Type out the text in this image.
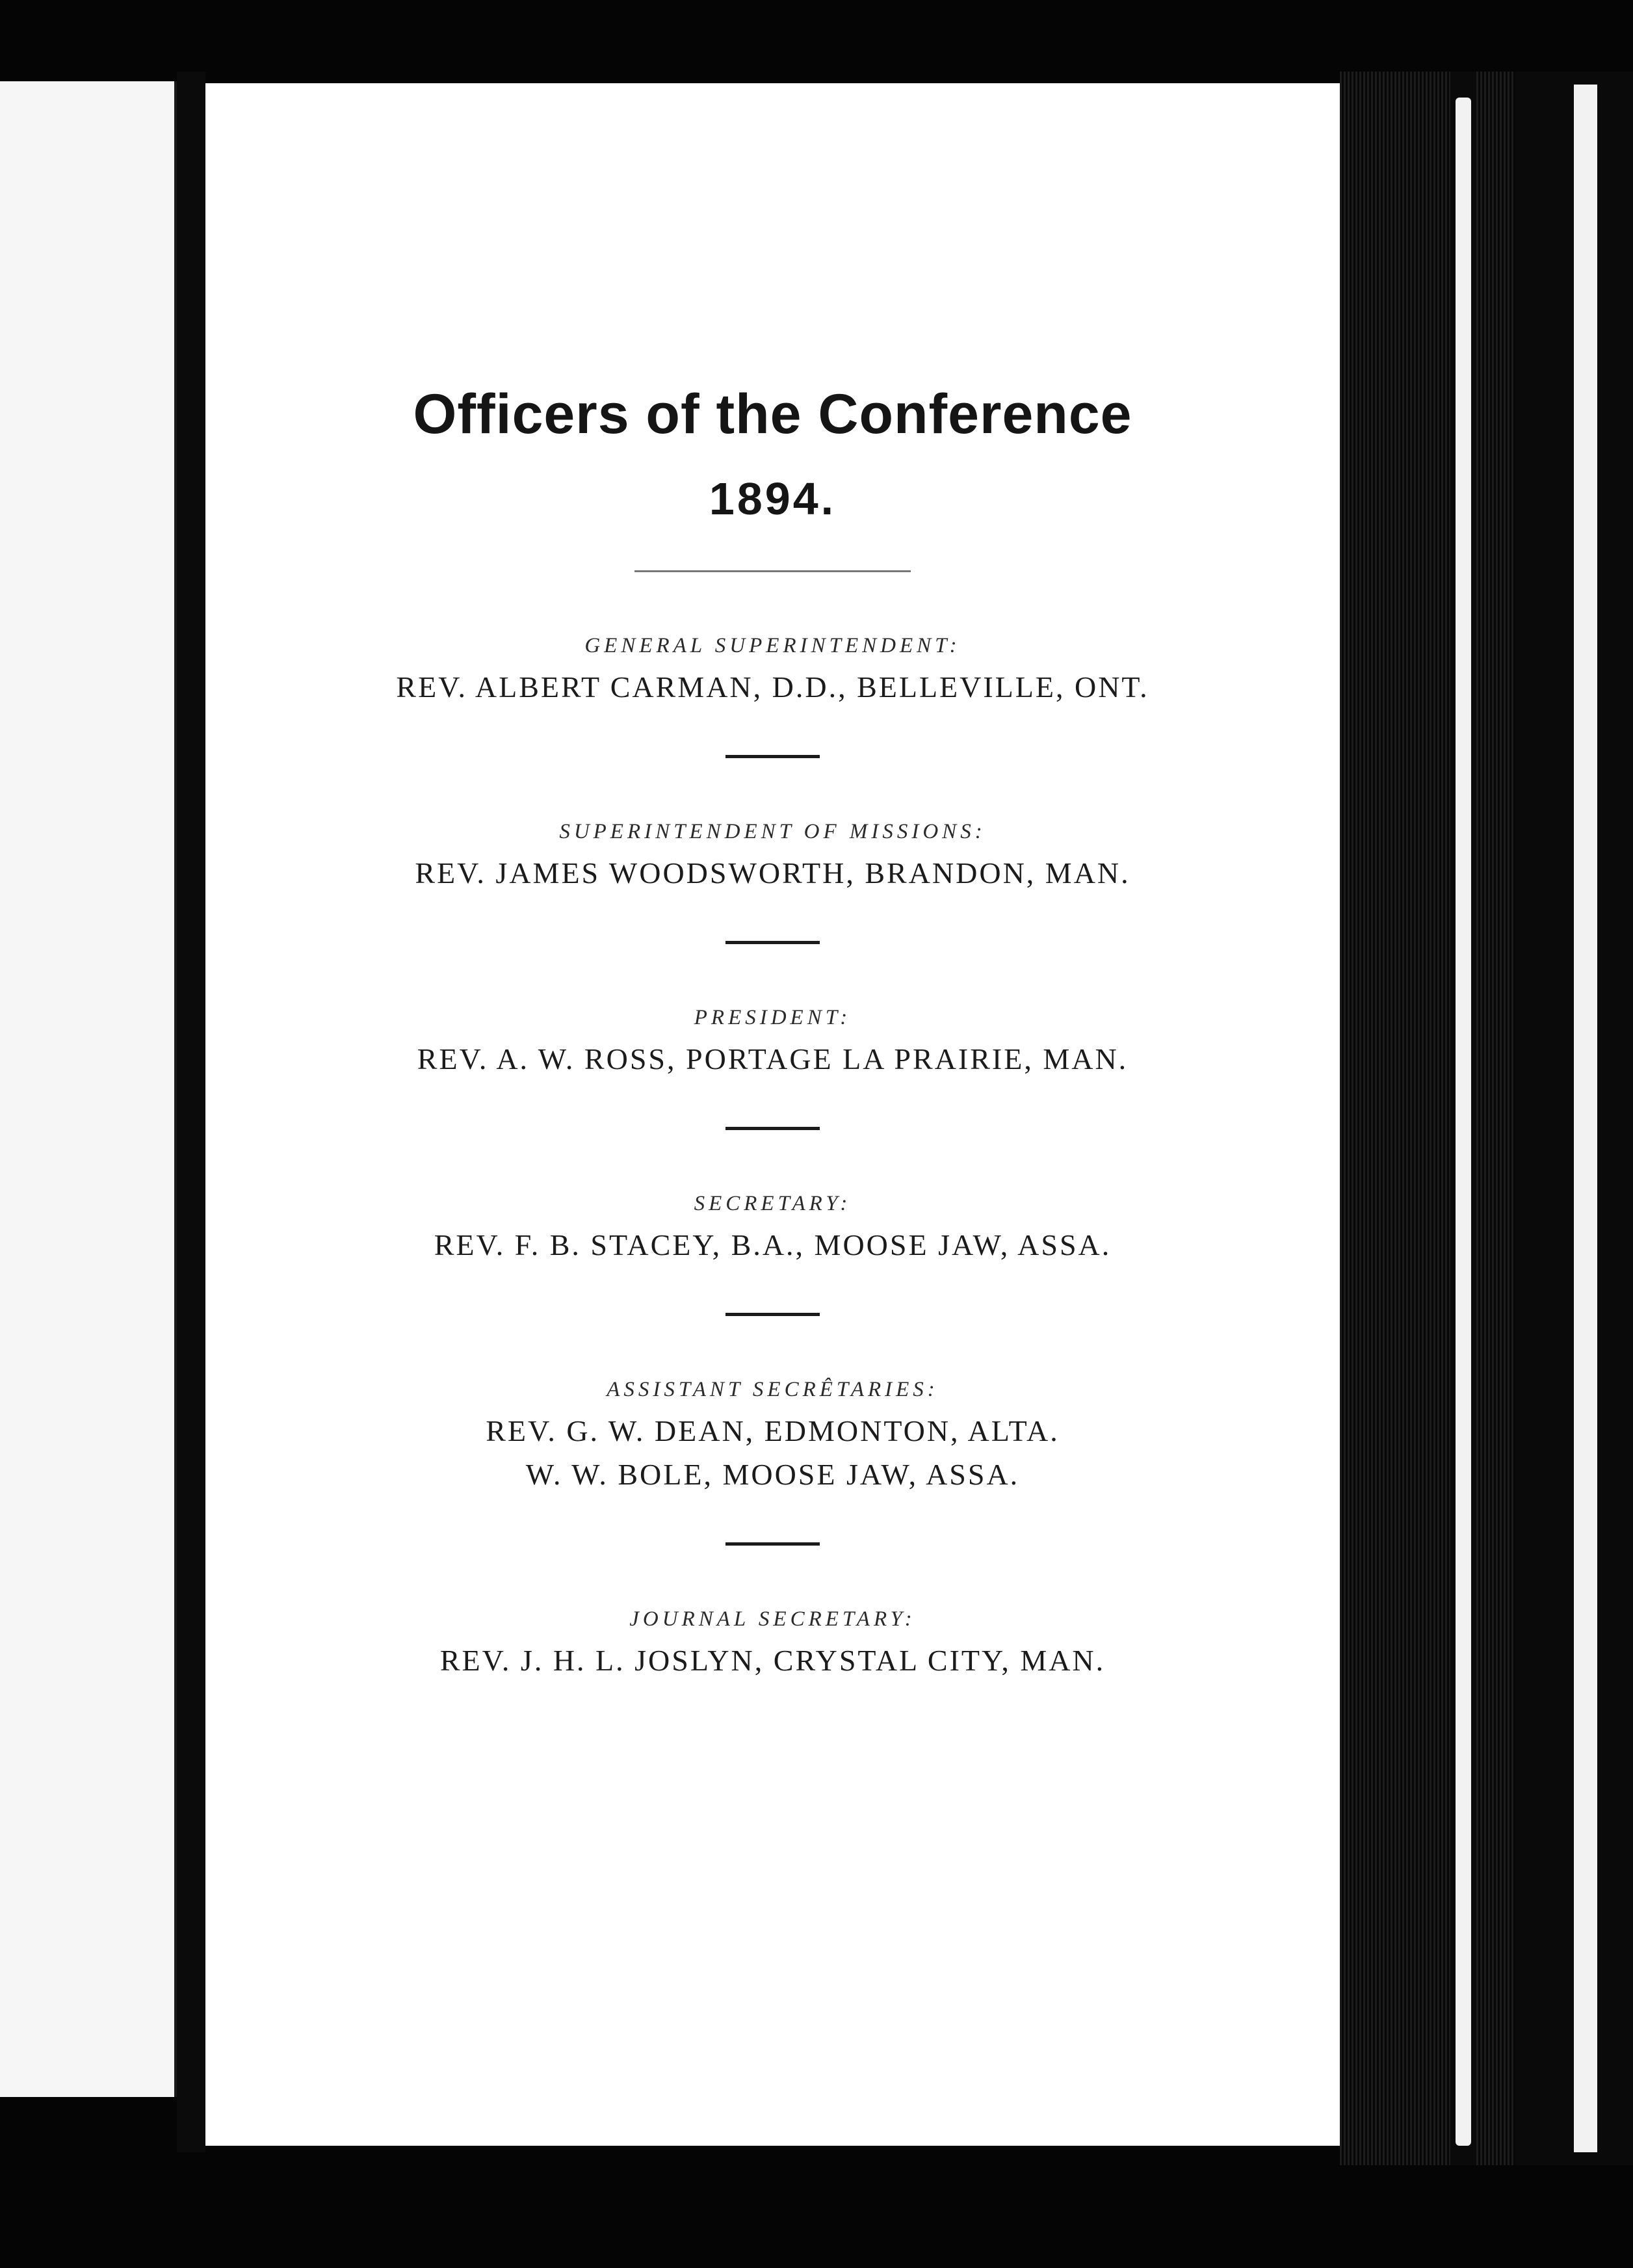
Officers of the Conference
1894.
GENERAL SUPERINTENDENT:
REV. ALBERT CARMAN, D.D., BELLEVILLE, ONT.
SUPERINTENDENT OF MISSIONS:
REV. JAMES WOODSWORTH, BRANDON, MAN.
PRESIDENT:
REV. A. W. ROSS, PORTAGE LA PRAIRIE, MAN.
SECRETARY:
REV. F. B. STACEY, B.A., MOOSE JAW, ASSA.
ASSISTANT SECRÊTARIES:
REV. G. W. DEAN, EDMONTON, ALTA.
W. W. BOLE, MOOSE JAW, ASSA.
JOURNAL SECRETARY:
REV. J. H. L. JOSLYN, CRYSTAL CITY, MAN.
